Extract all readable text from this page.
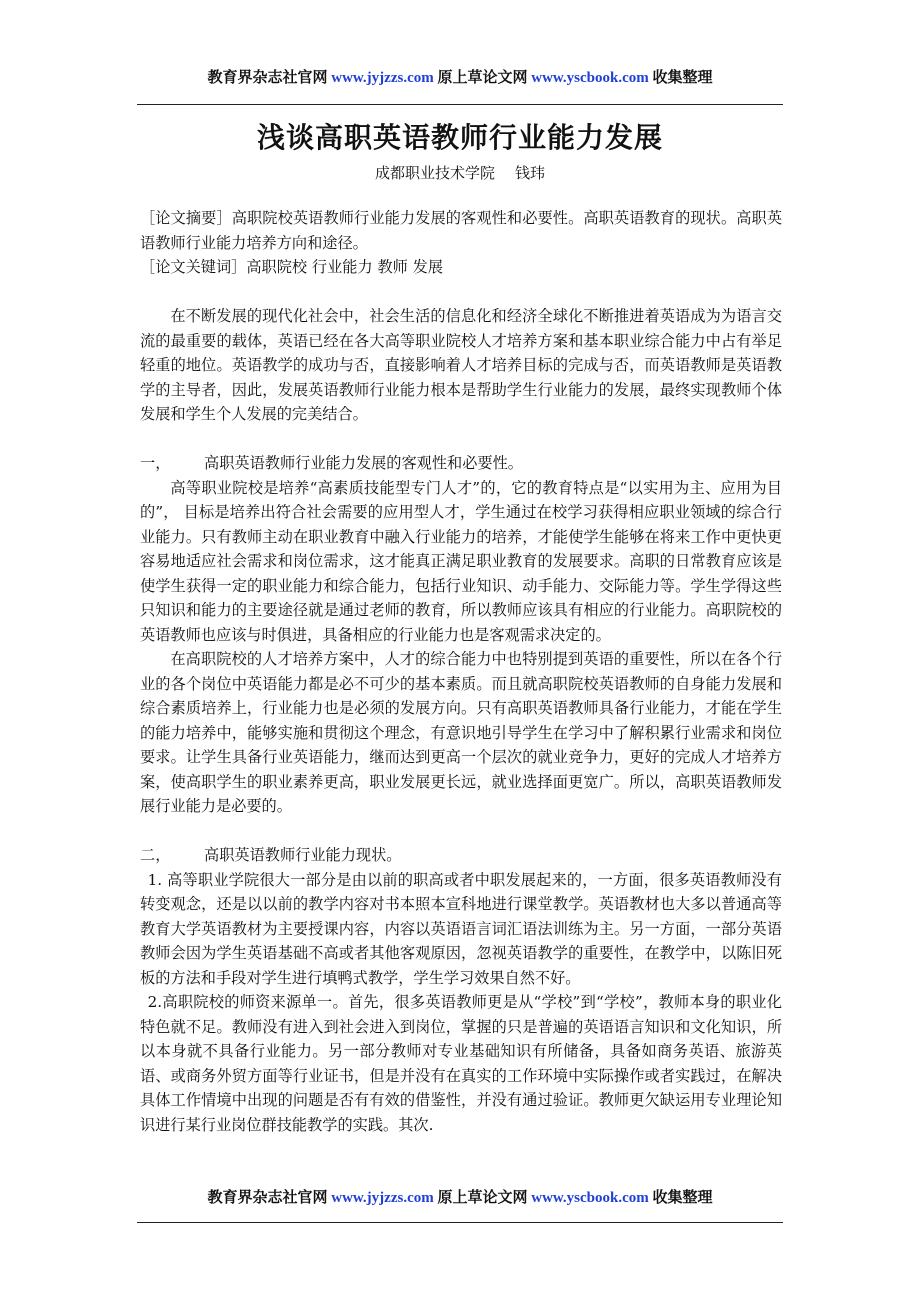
教育界杂志社官网 www.jyjzzs.com 原上草论文网 www.yscbook.com 收集整理
浅谈高职英语教师行业能力发展
成都职业技术学院 钱玮

［论文摘要］高职院校英语教师行业能力发展的客观性和必要性。高职英语教育的现状。高职英语教师行业能力培养方向和途径。

［论文关键词］高职院校 行业能力 教师 发展

在不断发展的现代化社会中，社会生活的信息化和经济全球化不断推进着英语成为为语言交流的最重要的载体，英语已经在各大高等职业院校人才培养方案和基本职业综合能力中占有举足轻重的地位。英语教学的成功与否，直接影响着人才培养目标的完成与否，而英语教师是英语教学的主导者，因此，发展英语教师行业能力根本是帮助学生行业能力的发展，最终实现教师个体发展和学生个人发展的完美结合。

一， 高职英语教师行业能力发展的客观性和必要性。

高等职业院校是培养“高素质技能型专门人才”的，它的教育特点是“以实用为主、应用为目的”， 目标是培养出符合社会需要的应用型人才，学生通过在校学习获得相应职业领域的综合行业能力。只有教师主动在职业教育中融入行业能力的培养，才能使学生能够在将来工作中更快更容易地适应社会需求和岗位需求，这才能真正满足职业教育的发展要求。高职的日常教育应该是使学生获得一定的职业能力和综合能力，包括行业知识、动手能力、交际能力等。学生学得这些只知识和能力的主要途径就是通过老师的教育，所以教师应该具有相应的行业能力。高职院校的英语教师也应该与时俱进，具备相应的行业能力也是客观需求决定的。

在高职院校的人才培养方案中，人才的综合能力中也特别提到英语的重要性，所以在各个行业的各个岗位中英语能力都是必不可少的基本素质。而且就高职院校英语教师的自身能力发展和综合素质培养上，行业能力也是必须的发展方向。只有高职英语教师具备行业能力，才能在学生的能力培养中，能够实施和贯彻这个理念，有意识地引导学生在学习中了解积累行业需求和岗位要求。让学生具备行业英语能力，继而达到更高一个层次的就业竞争力，更好的完成人才培养方案，使高职学生的职业素养更高，职业发展更长远，就业选择面更宽广。所以，高职英语教师发展行业能力是必要的。

二， 高职英语教师行业能力现状。

1. 高等职业学院很大一部分是由以前的职高或者中职发展起来的，一方面，很多英语教师没有转变观念，还是以以前的教学内容对书本照本宣科地进行课堂教学。英语教材也大多以普通高等教育大学英语教材为主要授课内容，内容以英语语言词汇语法训练为主。另一方面，一部分英语教师会因为学生英语基础不高或者其他客观原因，忽视英语教学的重要性，在教学中，以陈旧死板的方法和手段对学生进行填鸭式教学，学生学习效果自然不好。

2.高职院校的师资来源单一。首先，很多英语教师更是从“学校”到“学校”，教师本身的职业化特色就不足。教师没有进入到社会进入到岗位，掌握的只是普遍的英语语言知识和文化知识，所以本身就不具备行业能力。另一部分教师对专业基础知识有所储备，具备如商务英语、旅游英语、或商务外贸方面等行业证书，但是并没有在真实的工作环境中实际操作或者实践过，在解决具体工作情境中出现的问题是否有有效的借鉴性，并没有通过验证。教师更欠缺运用专业理论知识进行某行业岗位群技能教学的实践。其次.

教育界杂志社官网 www.jyjzzs.com 原上草论文网 www.yscbook.com 收集整理
